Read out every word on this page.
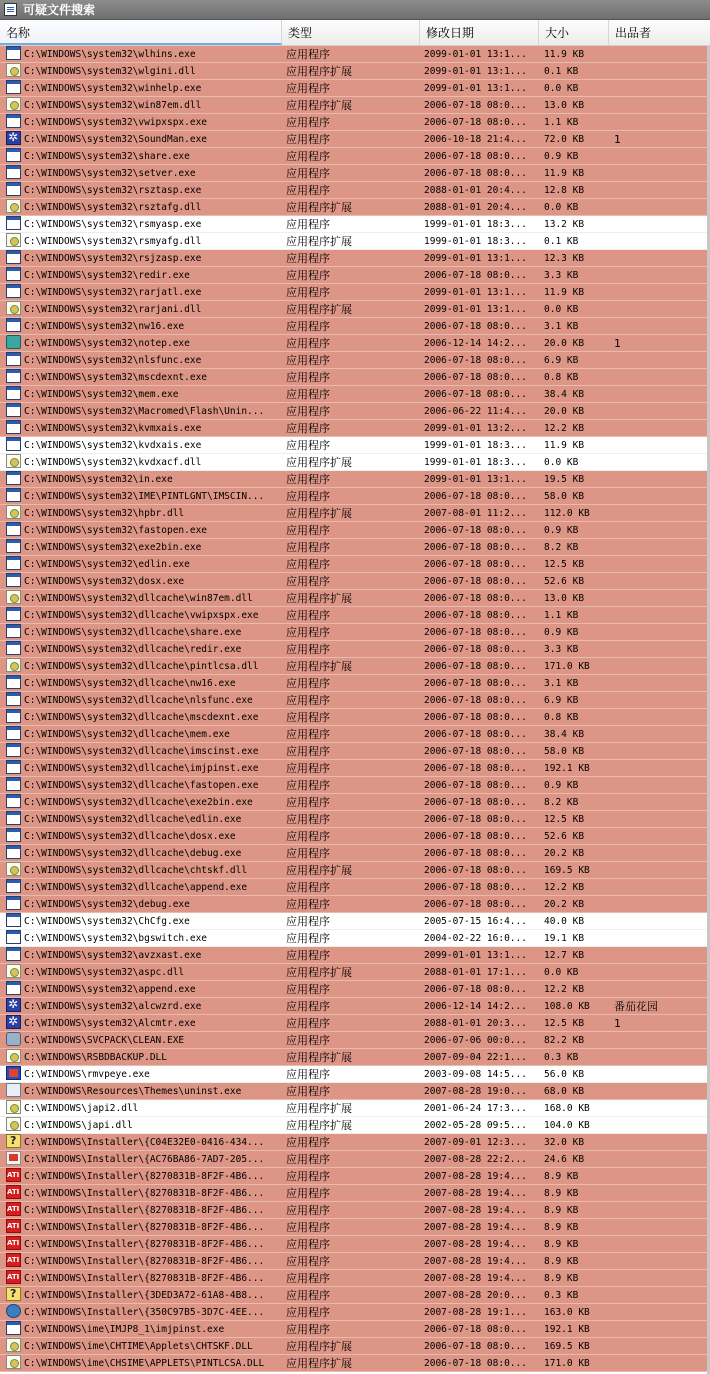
可疑文件搜索
名称	类型	修改日期	大小	出品者
C:\WINDOWS\system32\wlhins.exe	应用程序	2099-01-01 13:1...	11.9 KB
C:\WINDOWS\system32\wlgini.dll	应用程序扩展	2099-01-01 13:1...	0.1 KB
C:\WINDOWS\system32\winhelp.exe	应用程序	2099-01-01 13:1...	0.0 KB
C:\WINDOWS\system32\win87em.dll	应用程序扩展	2006-07-18 08:0...	13.0 KB
C:\WINDOWS\system32\vwipxspx.exe	应用程序	2006-07-18 08:0...	1.1 KB
✲
C:\WINDOWS\system32\SoundMan.exe	应用程序	2006-10-18 21:4...	72.0 KB	1
C:\WINDOWS\system32\share.exe	应用程序	2006-07-18 08:0...	0.9 KB
C:\WINDOWS\system32\setver.exe	应用程序	2006-07-18 08:0...	11.9 KB
C:\WINDOWS\system32\rsztasp.exe	应用程序	2088-01-01 20:4...	12.8 KB
C:\WINDOWS\system32\rsztafg.dll	应用程序扩展	2088-01-01 20:4...	0.0 KB
C:\WINDOWS\system32\rsmyasp.exe	应用程序	1999-01-01 18:3...	13.2 KB
C:\WINDOWS\system32\rsmyafg.dll	应用程序扩展	1999-01-01 18:3...	0.1 KB
C:\WINDOWS\system32\rsjzasp.exe	应用程序	2099-01-01 13:1...	12.3 KB
C:\WINDOWS\system32\redir.exe	应用程序	2006-07-18 08:0...	3.3 KB
C:\WINDOWS\system32\rarjatl.exe	应用程序	2099-01-01 13:1...	11.9 KB
C:\WINDOWS\system32\rarjani.dll	应用程序扩展	2099-01-01 13:1...	0.0 KB
C:\WINDOWS\system32\nw16.exe	应用程序	2006-07-18 08:0...	3.1 KB
C:\WINDOWS\system32\notep.exe	应用程序	2006-12-14 14:2...	20.0 KB	1
C:\WINDOWS\system32\nlsfunc.exe	应用程序	2006-07-18 08:0...	6.9 KB
C:\WINDOWS\system32\mscdexnt.exe	应用程序	2006-07-18 08:0...	0.8 KB
C:\WINDOWS\system32\mem.exe	应用程序	2006-07-18 08:0...	38.4 KB
C:\WINDOWS\system32\Macromed\Flash\Unin...	应用程序	2006-06-22 11:4...	20.0 KB
C:\WINDOWS\system32\kvmxais.exe	应用程序	2099-01-01 13:2...	12.2 KB
C:\WINDOWS\system32\kvdxais.exe	应用程序	1999-01-01 18:3...	11.9 KB
C:\WINDOWS\system32\kvdxacf.dll	应用程序扩展	1999-01-01 18:3...	0.0 KB
C:\WINDOWS\system32\in.exe	应用程序	2099-01-01 13:1...	19.5 KB
C:\WINDOWS\system32\IME\PINTLGNT\IMSCIN...	应用程序	2006-07-18 08:0...	58.0 KB
C:\WINDOWS\system32\hpbr.dll	应用程序扩展	2007-08-01 11:2...	112.0 KB
C:\WINDOWS\system32\fastopen.exe	应用程序	2006-07-18 08:0...	0.9 KB
C:\WINDOWS\system32\exe2bin.exe	应用程序	2006-07-18 08:0...	8.2 KB
C:\WINDOWS\system32\edlin.exe	应用程序	2006-07-18 08:0...	12.5 KB
C:\WINDOWS\system32\dosx.exe	应用程序	2006-07-18 08:0...	52.6 KB
C:\WINDOWS\system32\dllcache\win87em.dll	应用程序扩展	2006-07-18 08:0...	13.0 KB
C:\WINDOWS\system32\dllcache\vwipxspx.exe	应用程序	2006-07-18 08:0...	1.1 KB
C:\WINDOWS\system32\dllcache\share.exe	应用程序	2006-07-18 08:0...	0.9 KB
C:\WINDOWS\system32\dllcache\redir.exe	应用程序	2006-07-18 08:0...	3.3 KB
C:\WINDOWS\system32\dllcache\pintlcsa.dll	应用程序扩展	2006-07-18 08:0...	171.0 KB
C:\WINDOWS\system32\dllcache\nw16.exe	应用程序	2006-07-18 08:0...	3.1 KB
C:\WINDOWS\system32\dllcache\nlsfunc.exe	应用程序	2006-07-18 08:0...	6.9 KB
C:\WINDOWS\system32\dllcache\mscdexnt.exe	应用程序	2006-07-18 08:0...	0.8 KB
C:\WINDOWS\system32\dllcache\mem.exe	应用程序	2006-07-18 08:0...	38.4 KB
C:\WINDOWS\system32\dllcache\imscinst.exe	应用程序	2006-07-18 08:0...	58.0 KB
C:\WINDOWS\system32\dllcache\imjpinst.exe	应用程序	2006-07-18 08:0...	192.1 KB
C:\WINDOWS\system32\dllcache\fastopen.exe	应用程序	2006-07-18 08:0...	0.9 KB
C:\WINDOWS\system32\dllcache\exe2bin.exe	应用程序	2006-07-18 08:0...	8.2 KB
C:\WINDOWS\system32\dllcache\edlin.exe	应用程序	2006-07-18 08:0...	12.5 KB
C:\WINDOWS\system32\dllcache\dosx.exe	应用程序	2006-07-18 08:0...	52.6 KB
C:\WINDOWS\system32\dllcache\debug.exe	应用程序	2006-07-18 08:0...	20.2 KB
C:\WINDOWS\system32\dllcache\chtskf.dll	应用程序扩展	2006-07-18 08:0...	169.5 KB
C:\WINDOWS\system32\dllcache\append.exe	应用程序	2006-07-18 08:0...	12.2 KB
C:\WINDOWS\system32\debug.exe	应用程序	2006-07-18 08:0...	20.2 KB
C:\WINDOWS\system32\ChCfg.exe	应用程序	2005-07-15 16:4...	40.0 KB
C:\WINDOWS\system32\bgswitch.exe	应用程序	2004-02-22 16:0...	19.1 KB
C:\WINDOWS\system32\avzxast.exe	应用程序	2099-01-01 13:1...	12.7 KB
C:\WINDOWS\system32\aspc.dll	应用程序扩展	2088-01-01 17:1...	0.0 KB
C:\WINDOWS\system32\append.exe	应用程序	2006-07-18 08:0...	12.2 KB
✲
C:\WINDOWS\system32\alcwzrd.exe	应用程序	2006-12-14 14:2...	108.0 KB	番茄花园
✲
C:\WINDOWS\system32\Alcmtr.exe	应用程序	2088-01-01 20:3...	12.5 KB	1
C:\WINDOWS\SVCPACK\CLEAN.EXE	应用程序	2006-07-06 00:0...	82.2 KB
C:\WINDOWS\RSBDBACKUP.DLL	应用程序扩展	2007-09-04 22:1...	0.3 KB
C:\WINDOWS\rmvpeye.exe	应用程序	2003-09-08 14:5...	56.0 KB
C:\WINDOWS\Resources\Themes\uninst.exe	应用程序	2007-08-28 19:0...	68.0 KB
C:\WINDOWS\japi2.dll	应用程序扩展	2001-06-24 17:3...	168.0 KB
C:\WINDOWS\japi.dll	应用程序扩展	2002-05-28 09:5...	104.0 KB
?
C:\WINDOWS\Installer\{C04E32E0-0416-434...	应用程序	2007-09-01 12:3...	32.0 KB
C:\WINDOWS\Installer\{AC76BA86-7AD7-205...	应用程序	2007-08-28 22:2...	24.6 KB
ATI
C:\WINDOWS\Installer\{8270831B-8F2F-4B6...	应用程序	2007-08-28 19:4...	8.9 KB
ATI
C:\WINDOWS\Installer\{8270831B-8F2F-4B6...	应用程序	2007-08-28 19:4...	8.9 KB
ATI
C:\WINDOWS\Installer\{8270831B-8F2F-4B6...	应用程序	2007-08-28 19:4...	8.9 KB
ATI
C:\WINDOWS\Installer\{8270831B-8F2F-4B6...	应用程序	2007-08-28 19:4...	8.9 KB
ATI
C:\WINDOWS\Installer\{8270831B-8F2F-4B6...	应用程序	2007-08-28 19:4...	8.9 KB
ATI
C:\WINDOWS\Installer\{8270831B-8F2F-4B6...	应用程序	2007-08-28 19:4...	8.9 KB
ATI
C:\WINDOWS\Installer\{8270831B-8F2F-4B6...	应用程序	2007-08-28 19:4...	8.9 KB
?
C:\WINDOWS\Installer\{3DED3A72-61A8-4B8...	应用程序	2007-08-28 20:0...	0.3 KB
C:\WINDOWS\Installer\{350C97B5-3D7C-4EE...	应用程序	2007-08-28 19:1...	163.0 KB
C:\WINDOWS\ime\IMJP8_1\imjpinst.exe	应用程序	2006-07-18 08:0...	192.1 KB
C:\WINDOWS\ime\CHTIME\Applets\CHTSKF.DLL	应用程序扩展	2006-07-18 08:0...	169.5 KB
C:\WINDOWS\ime\CHSIME\APPLETS\PINTLCSA.DLL	应用程序扩展	2006-07-18 08:0...	171.0 KB
